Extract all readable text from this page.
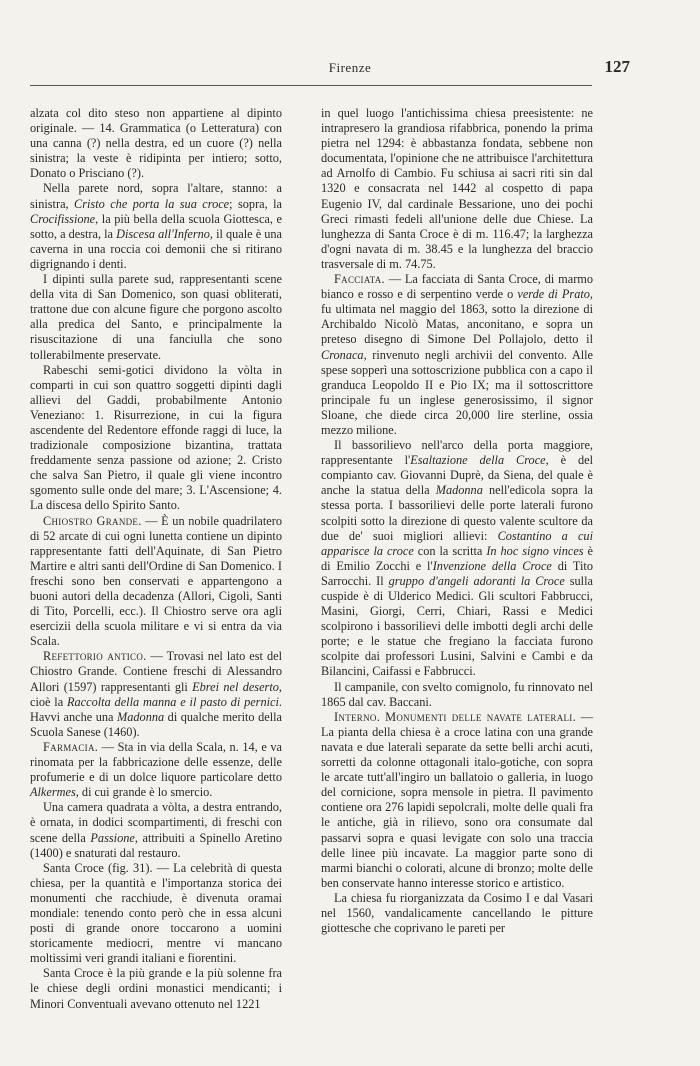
Firenze	127

alzata col dito steso non appartiene al dipinto originale. — 14. Grammatica (o Letteratura) con una canna (?) nella destra, ed un cuore (?) nella sinistra; la veste è ridipinta per intiero; sotto, Donato o Prisciano (?).

Nella parete nord, sopra l'altare, stanno: a sinistra, Cristo che porta la sua croce; sopra, la Crocifissione, la più bella della scuola Giottesca, e sotto, a destra, la Discesa all'Inferno, il quale è una caverna in una roccia coi demonii che si ritirano digrignando i denti.

I dipinti sulla parete sud, rappresentanti scene della vita di San Domenico, son quasi obliterati, trattone due con alcune figure che porgono ascolto alla predica del Santo, e principalmente la risuscitazione di una fanciulla che sono tollerabilmente preservate.

Rabeschi semi-gotici dividono la vòlta in comparti in cui son quattro soggetti dipinti dagli allievi del Gaddi, probabilmente Antonio Veneziano: 1. Risurrezione, in cui la figura ascendente del Redentore effonde raggi di luce, la tradizionale composizione bizantina, trattata freddamente senza passione od azione; 2. Cristo che salva San Pietro, il quale gli viene incontro sgomento sulle onde del mare; 3. L'Ascensione; 4. La discesa dello Spirito Santo.

Chiostro Grande. — È un nobile quadrilatero di 52 arcate di cui ogni lunetta contiene un dipinto rappresentante fatti dell'Aquinate, di San Pietro Martire e altri santi dell'Ordine di San Domenico. I freschi sono ben conservati e appartengono a buoni autori della decadenza (Allori, Cigoli, Santi di Tito, Porcelli, ecc.). Il Chiostro serve ora agli esercizii della scuola militare e vi si entra da via Scala.

Refettorio antico. — Trovasi nel lato est del Chiostro Grande. Contiene freschi di Alessandro Allori (1597) rappresentanti gli Ebrei nel deserto, cioè la Raccolta della manna e il pasto di pernici. Havvi anche una Madonna di qualche merito della Scuola Sanese (1460).

Farmacia. — Sta in via della Scala, n. 14, e va rinomata per la fabbricazione delle essenze, delle profumerie e di un dolce liquore particolare detto Alkermes, di cui grande è lo smercio.

Una camera quadrata a vòlta, a destra entrando, è ornata, in dodici scompartimenti, di freschi con scene della Passione, attribuiti a Spinello Aretino (1400) e snaturati dal restauro.

Santa Croce (fig. 31). — La celebrità di questa chiesa, per la quantità e l'importanza storica dei monumenti che racchiude, è divenuta oramai mondiale: tenendo conto però che in essa alcuni posti di grande onore toccarono a uomini storicamente mediocri, mentre vi mancano moltissimi veri grandi italiani e fiorentini.

Santa Croce è la più grande e la più solenne fra le chiese degli ordini monastici mendicanti; i Minori Conventuali avevano ottenuto nel 1221

in quel luogo l'antichissima chiesa preesistente: ne intrapresero la grandiosa rifabbrica, ponendo la prima pietra nel 1294: è abbastanza fondata, sebbene non documentata, l'opinione che ne attribuisce l'architettura ad Arnolfo di Cambio. Fu schiusa ai sacri riti sin dal 1320 e consacrata nel 1442 al cospetto di papa Eugenio IV, dal cardinale Bessarione, uno dei pochi Greci rimasti fedeli all'unione delle due Chiese. La lunghezza di Santa Croce è di m. 116.47; la larghezza d'ogni navata di m. 38.45 e la lunghezza del braccio trasversale di m. 74.75.

Facciata. — La facciata di Santa Croce, di marmo bianco e rosso e di serpentino verde o verde di Prato, fu ultimata nel maggio del 1863, sotto la direzione di Archibaldo Nicolò Matas, anconitano, e sopra un preteso disegno di Simone Del Pollajolo, detto il Cronaca, rinvenuto negli archivii del convento. Alle spese sopperì una sottoscrizione pubblica con a capo il granduca Leopoldo II e Pio IX; ma il sottoscrittore principale fu un inglese generosissimo, il signor Sloane, che diede circa 20,000 lire sterline, ossia mezzo milione.

Il bassorilievo nell'arco della porta maggiore, rappresentante l'Esaltazione della Croce, è del compianto cav. Giovanni Duprè, da Siena, del quale è anche la statua della Madonna nell'edicola sopra la stessa porta. I bassorilievi delle porte laterali furono scolpiti sotto la direzione di questo valente scultore da due de' suoi migliori allievi: Costantino a cui apparisce la croce con la scritta In hoc signo vinces è di Emilio Zocchi e l'Invenzione della Croce di Tito Sarrocchi. Il gruppo d'angeli adoranti la Croce sulla cuspide è di Ulderico Medici. Gli scultori Fabbrucci, Masini, Giorgi, Cerri, Chiari, Rassi e Medici scolpirono i bassorilievi delle imbotti degli archi delle porte; e le statue che fregiano la facciata furono scolpite dai professori Lusini, Salvini e Cambi e da Bilancini, Caifassi e Fabbrucci.

Il campanile, con svelto comignolo, fu rinnovato nel 1865 dal cav. Baccani.

Interno. Monumenti delle navate laterali. — La pianta della chiesa è a croce latina con una grande navata e due laterali separate da sette belli archi acuti, sorretti da colonne ottagonali italo-gotiche, con sopra le arcate tutt'all'ingiro un ballatoio o galleria, in luogo del cornicione, sopra mensole in pietra. Il pavimento contiene ora 276 lapidi sepolcrali, molte delle quali fra le antiche, già in rilievo, sono ora consumate dal passarvi sopra e quasi levigate con solo una traccia delle linee più incavate. La maggior parte sono di marmi bianchi o colorati, alcune di bronzo; molte delle ben conservate hanno interesse storico e artistico.

La chiesa fu riorganizzata da Cosimo I e dal Vasari nel 1560, vandalicamente cancellando le pitture giottesche che coprivano le pareti per
